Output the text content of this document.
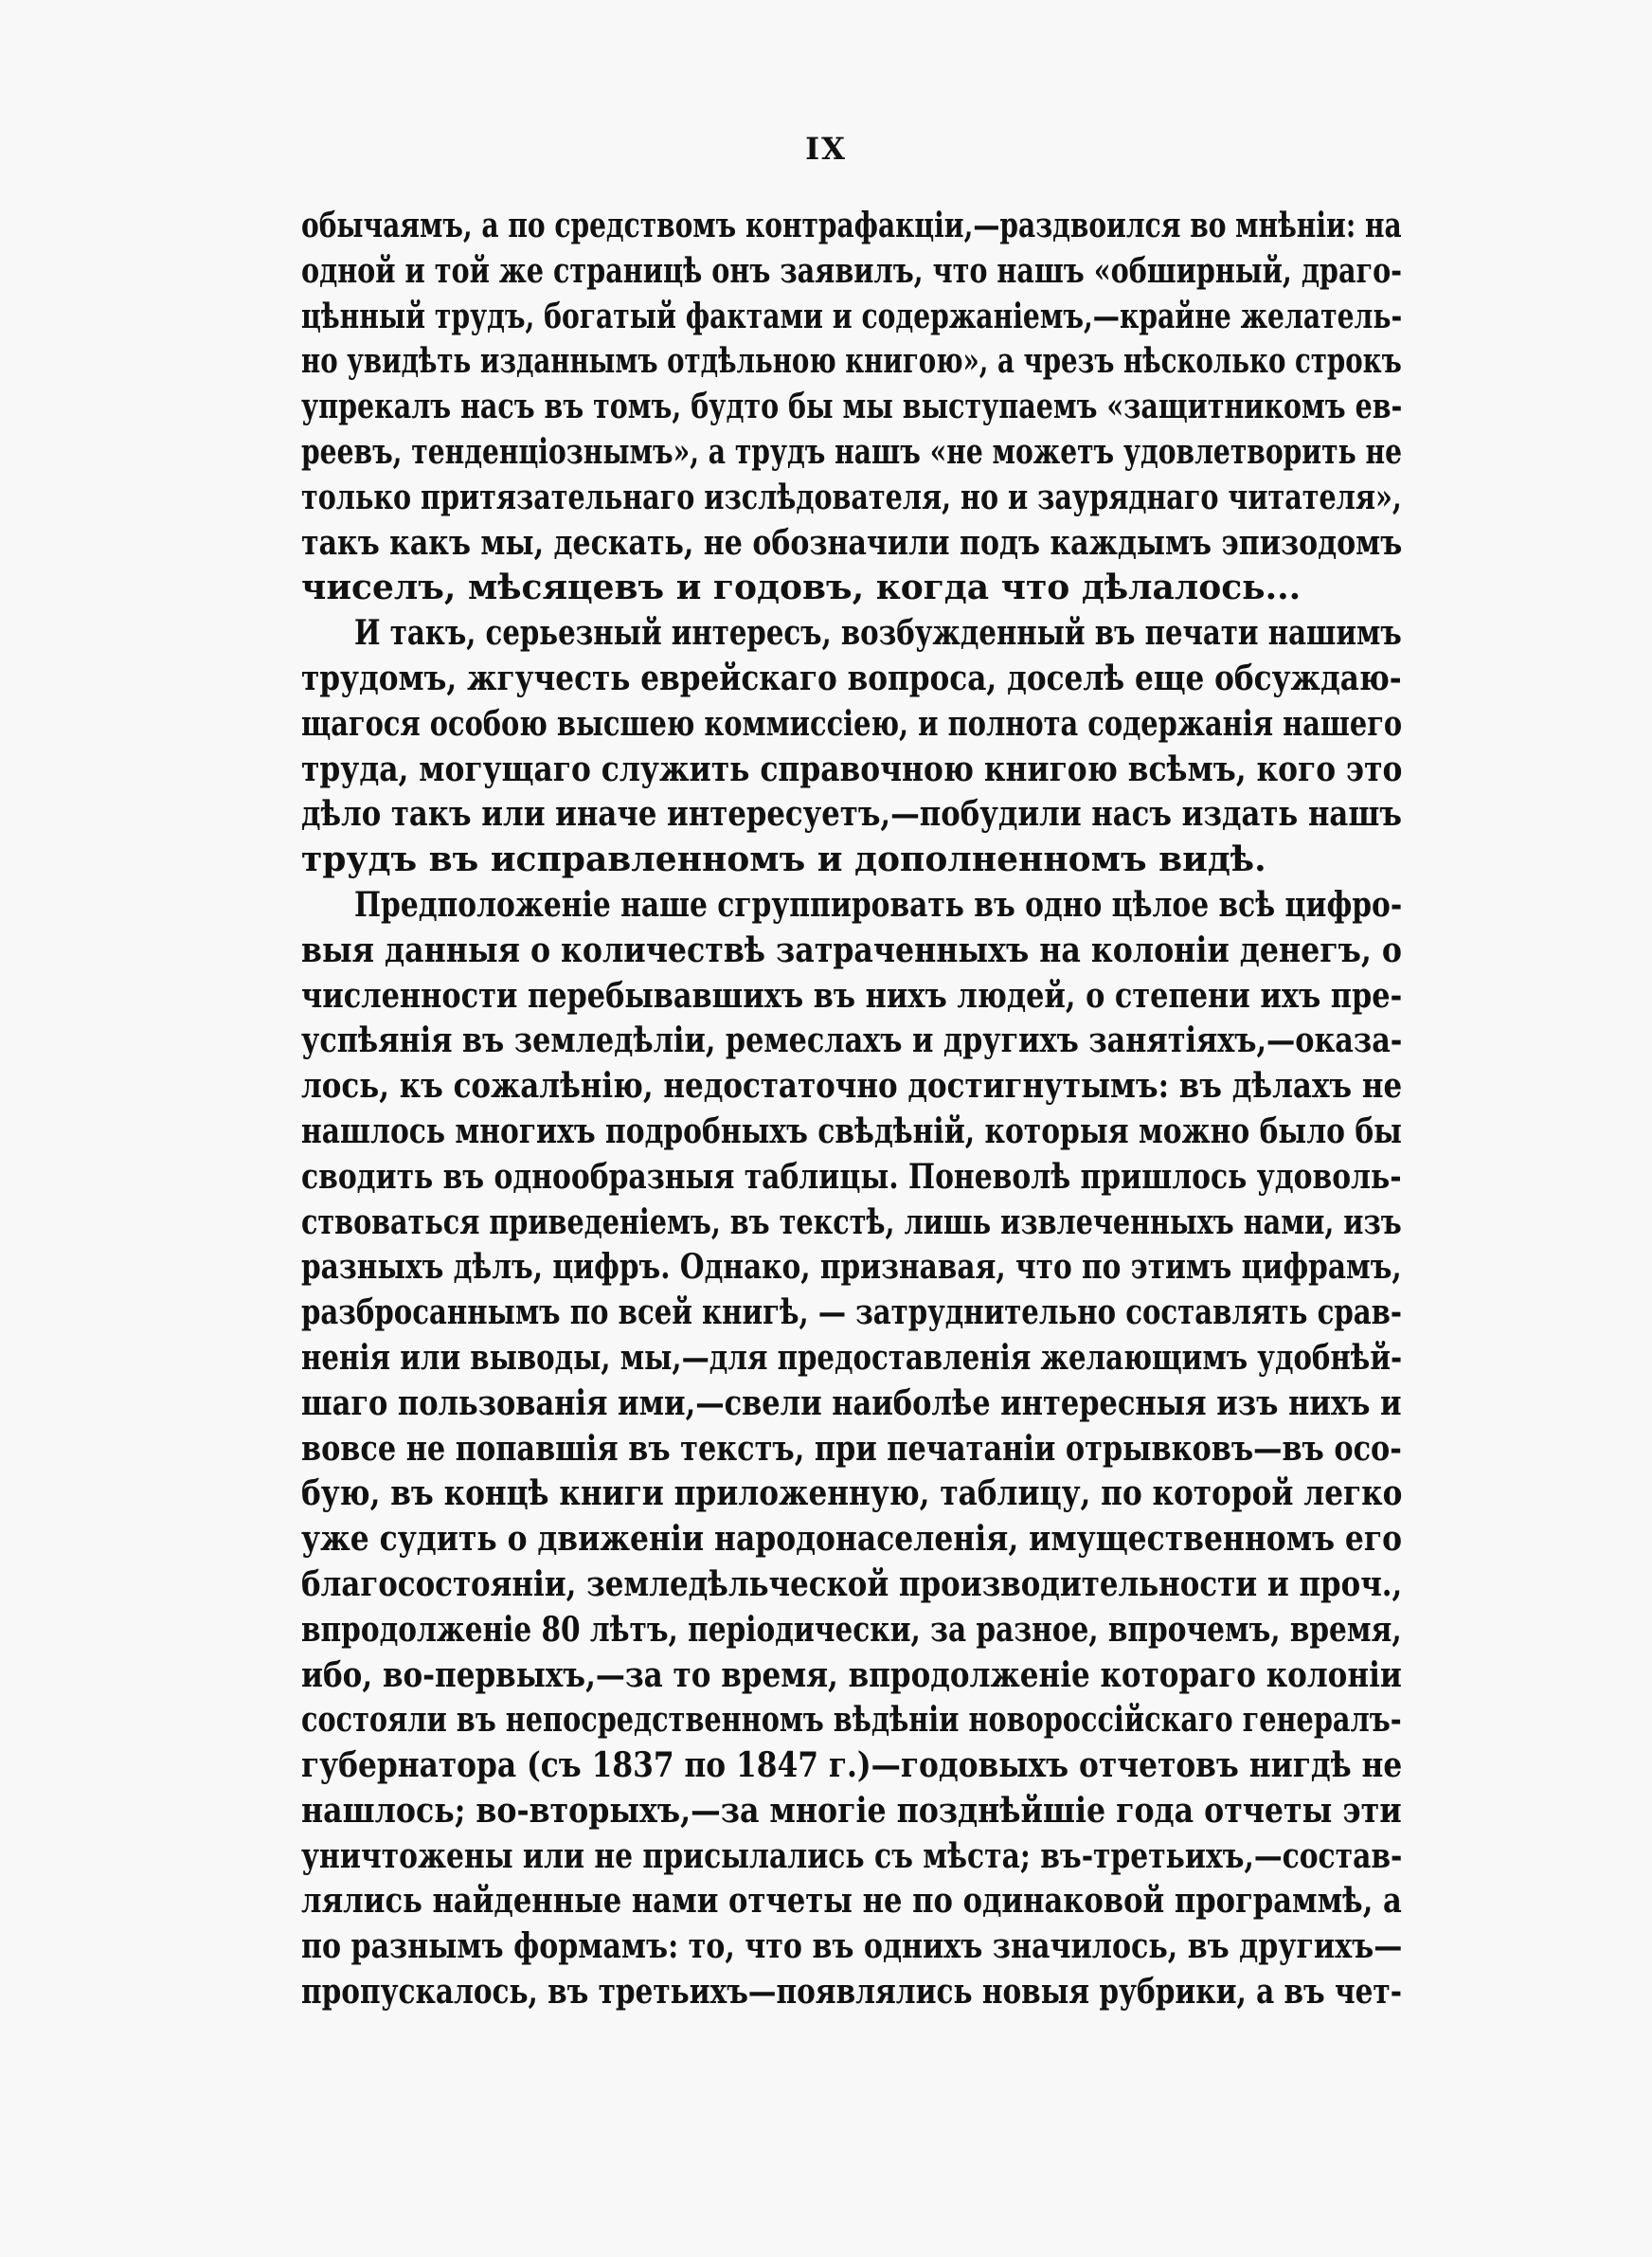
IX
обычаямъ, а по средствомъ контрафакціи,—раздвоился во мнѣніи: на
одной и той же страницѣ онъ заявилъ, что нашъ «обширный, драго-
цѣнный трудъ, богатый фактами и содержаніемъ,—крайне желатель-
но увидѣть изданнымъ отдѣльною книгою», а чрезъ нѣсколько строкъ
упрекалъ насъ въ томъ, будто бы мы выступаемъ «защитникомъ ев-
реевъ, тенденціознымъ», а трудъ нашъ «не можетъ удовлетворить не
только притязательнаго изслѣдователя, но и зауряднаго читателя»,
такъ какъ мы, дескать, не обозначили подъ каждымъ эпизодомъ
чиселъ, мѣсяцевъ и годовъ, когда что дѣлалось...
И такъ, серьезный интересъ, возбужденный въ печати нашимъ
трудомъ, жгучесть еврейскаго вопроса, доселѣ еще обсуждаю-
щагося особою высшею коммиссіею, и полнота содержанія нашего
труда, могущаго служить справочною книгою всѣмъ, кого это
дѣло такъ или иначе интересуетъ,—побудили насъ издать нашъ
трудъ въ исправленномъ и дополненномъ видѣ.
Предположеніе наше сгруппировать въ одно цѣлое всѣ цифро-
выя данныя о количествѣ затраченныхъ на колоніи денегъ, о
численности перебывавшихъ въ нихъ людей, о степени ихъ пре-
успѣянія въ земледѣліи, ремеслахъ и другихъ занятіяхъ,—оказа-
лось, къ сожалѣнію, недостаточно достигнутымъ: въ дѣлахъ не
нашлось многихъ подробныхъ свѣдѣній, которыя можно было бы
сводить въ однообразныя таблицы. Поневолѣ пришлось удоволь-
ствоваться приведеніемъ, въ текстѣ, лишь извлеченныхъ нами, изъ
разныхъ дѣлъ, цифръ. Однако, признавая, что по этимъ цифрамъ,
разбросаннымъ по всей книгѣ, — затруднительно составлять срав-
ненія или выводы, мы,—для предоставленія желающимъ удобнѣй-
шаго пользованія ими,—свели наиболѣе интересныя изъ нихъ и
вовсе не попавшія въ текстъ, при печатаніи отрывковъ—въ осо-
бую, въ концѣ книги приложенную, таблицу, по которой легко
уже судить о движеніи народонаселенія, имущественномъ его
благосостояніи, земледѣльческой производительности и проч.,
впродолженіе 80 лѣтъ, періодически, за разное, впрочемъ, время,
ибо, во-первыхъ,—за то время, впродолженіе котораго колоніи
состояли въ непосредственномъ вѣдѣніи новороссійскаго генералъ-
губернатора (съ 1837 по 1847 г.)—годовыхъ отчетовъ нигдѣ не
нашлось; во-вторыхъ,—за многіе позднѣйшіе года отчеты эти
уничтожены или не присылались съ мѣста; въ-третьихъ,—состав-
лялись найденные нами отчеты не по одинаковой программѣ, а
по разнымъ формамъ: то, что въ однихъ значилось, въ другихъ—
пропускалось, въ третьихъ—появлялись новыя рубрики, а въ чет-
